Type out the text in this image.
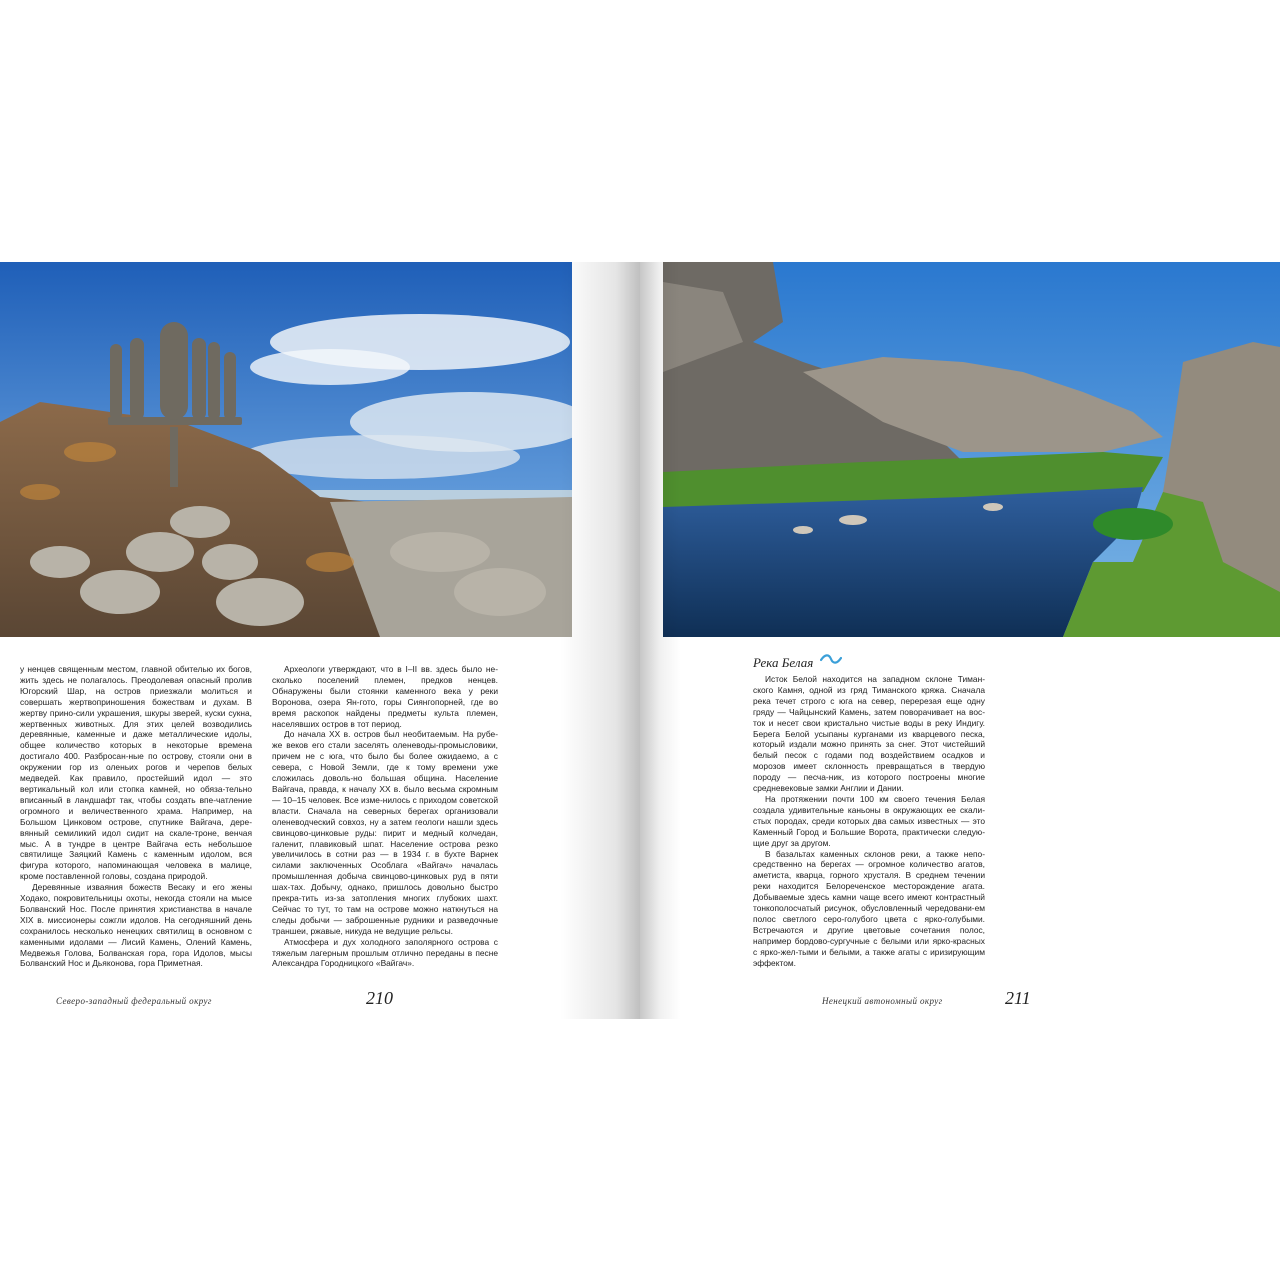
у ненцев священным местом, главной обителью их богов, жить здесь не полагалось. Преодолевая опасный пролив Югорский Шар, на остров приезжали молиться и совершать жертвоприношения божествам и духам. В жертву прино-сили украшения, шкуры зверей, куски сукна, жертвенных животных. Для этих целей возводились деревянные, каменные и даже металлические идолы, общее количество которых в некоторые времена достигало 400. Разбросан-ные по острову, стояли они в окружении гор из оленьих рогов и черепов белых медведей. Как правило, простейший идол — это вертикальный кол или стопка камней, но обяза-тельно вписанный в ландшафт так, чтобы создать впе-чатление огромного и величественного храма. Например, на Большом Цинковом острове, спутнике Вайгача, дере-вянный семиликий идол сидит на скале-троне, венчая мыс. А в тундре в центре Вайгача есть небольшое святилище Заяцкий Камень с каменным идолом, вся фигура которого, напоминающая человека в малице, кроме поставленной головы, создана природой.

Деревянные изваяния божеств Весаку и его жены Ходако, покровительницы охоты, некогда стояли на мысе Болванский Нос. После принятия христианства в начале XIX в. миссионеры сожгли идолов. На сегодняшний день сохранилось несколько ненецких святилищ в основном с каменными идолами — Лисий Камень, Олений Камень, Медвежья Голова, Болванская гора, гора Идолов, мысы Болванский Нос и Дьяконова, гора Приметная.

Археологи утверждают, что в I–II вв. здесь было не-сколько поселений племен, предков ненцев. Обнаружены были стоянки каменного века у реки Воронова, озера Ян-гото, горы Сиянгопорней, где во время раскопок найдены предметы культа племен, населявших остров в тот период.

До начала XX в. остров был необитаемым. На рубе-же веков его стали заселять оленеводы-промысловики, причем не с юга, что было бы более ожидаемо, а с севера, с Новой Земли, где к тому времени уже сложилась доволь-но большая община. Население Вайгача, правда, к началу XX в. было весьма скромным — 10–15 человек. Все изме-нилось с приходом советской власти. Сначала на северных берегах организовали оленеводческий совхоз, ну а затем геологи нашли здесь свинцово-цинковые руды: пирит и медный колчедан, галенит, плавиковый шпат. Население острова резко увеличилось в сотни раз — в 1934 г. в бухте Варнек силами заключенных Особлага «Вайгач» началась промышленная добыча свинцово-цинковых руд в пяти шах-тах. Добычу, однако, пришлось довольно быстро прекра-тить из-за затопления многих глубоких шахт. Сейчас то тут, то там на острове можно наткнуться на следы добычи — заброшенные рудники и разведочные траншеи, ржавые, никуда не ведущие рельсы.

Атмосфера и дух холодного заполярного острова с тяжелым лагерным прошлым отлично переданы в песне Александра Городницкого «Вайгач».

Река Белая

Исток Белой находится на западном склоне Тиман-ского Камня, одной из гряд Тиманского кряжа. Сначала река течет строго с юга на север, перерезая еще одну гряду — Чайцынский Камень, затем поворачивает на вос-ток и несет свои кристально чистые воды в реку Индигу. Берега Белой усыпаны курганами из кварцевого песка, который издали можно принять за снег. Этот чистейший белый песок с годами под воздействием осадков и морозов имеет склонность превращаться в твердую породу — песча-ник, из которого построены многие средневековые замки Англии и Дании.

На протяжении почти 100 км своего течения Белая создала удивительные каньоны в окружающих ее скали-стых породах, среди которых два самых известных — это Каменный Город и Большие Ворота, практически следую-щие друг за другом.

В базальтах каменных склонов реки, а также непо-средственно на берегах — огромное количество агатов, аметиста, кварца, горного хрусталя. В среднем течении реки находится Белореченское месторождение агата. Добываемые здесь камни чаще всего имеют контрастный тонкополосчатый рисунок, обусловленный чередовани-ем полос светлого серо-голубого цвета с ярко-голубыми. Встречаются и другие цветовые сочетания полос, например бордово-сургучные с белыми или ярко-красных с ярко-жел-тыми и белыми, а также агаты с иризирующим эффектом.

Северо-западный федеральный округ	210	Ненецкий автономный округ	211
